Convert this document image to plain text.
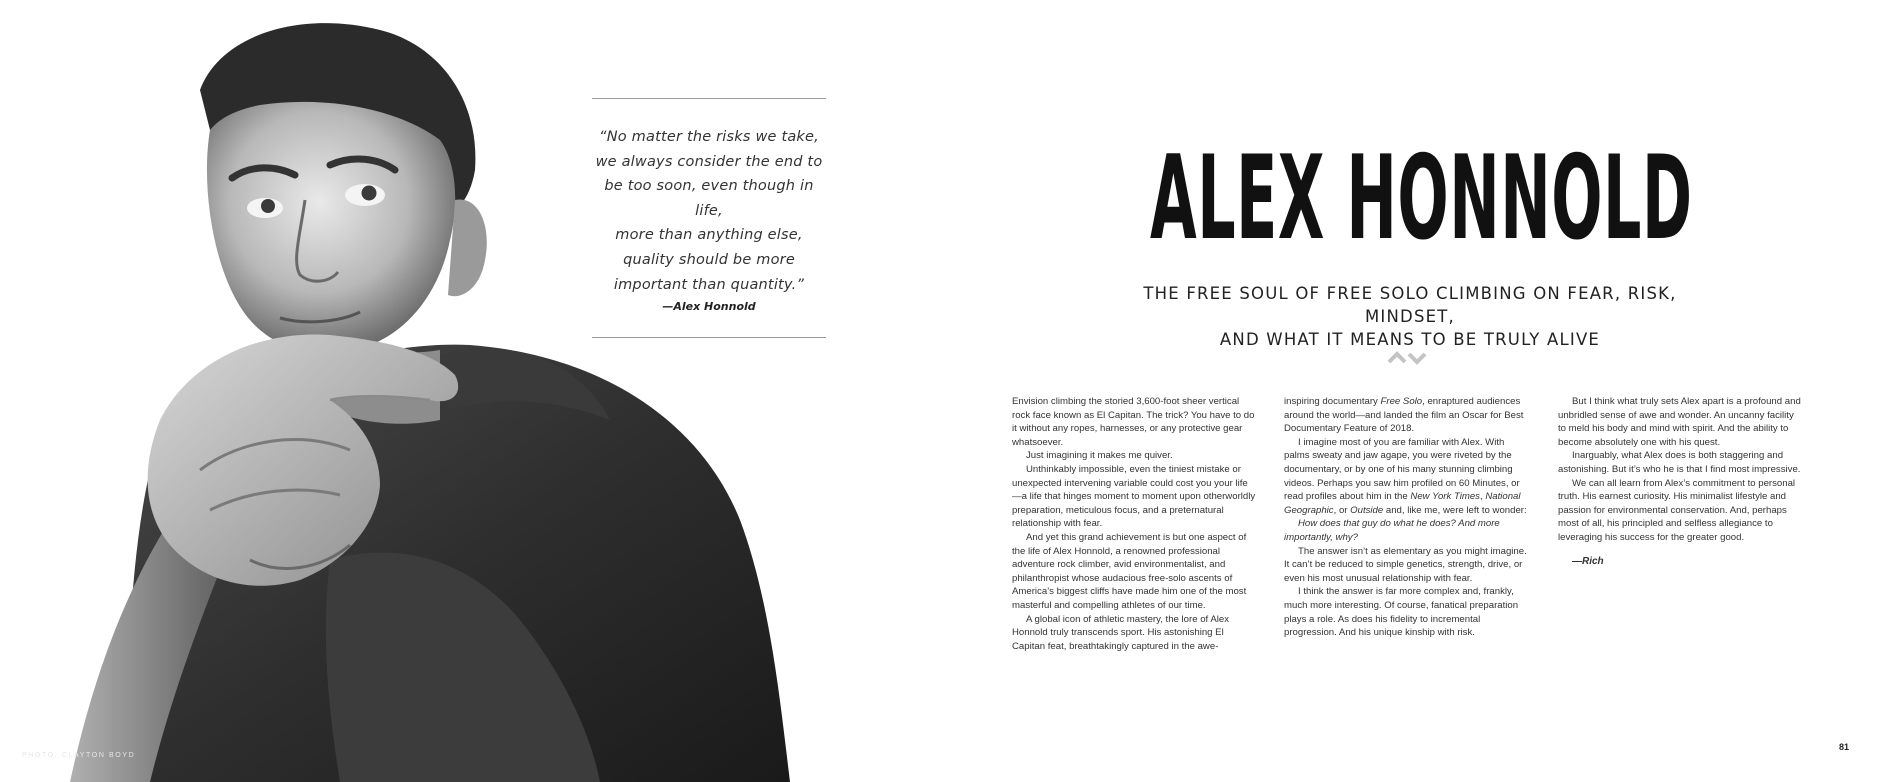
PHOTO: CLAYTON BOYD
“No matter the risks we take,
we always consider the end to
be too soon, even though in life,
more than anything else,
quality should be more
important than quantity.”
—Alex Honnold
ALEX HONNOLD
THE FREE SOUL OF FREE SOLO CLIMBING ON FEAR, RISK, MINDSET,
AND WHAT IT MEANS TO BE TRULY ALIVE

Envision climbing the storied 3,600-foot sheer vertical rock face known as El Capitan. The trick? You have to do it without any ropes, harnesses, or any protective gear whatsoever.

Just imagining it makes me quiver.

Unthinkably impossible, even the tiniest mistake or unexpected intervening variable could cost you your life—a life that hinges moment to moment upon otherworldly preparation, meticulous focus, and a preternatural relationship with fear.

And yet this grand achievement is but one aspect of the life of Alex Honnold, a renowned professional adventure rock climber, avid environmentalist, and philanthropist whose audacious free-solo ascents of America’s biggest cliffs have made him one of the most masterful and compelling athletes of our time.

A global icon of athletic mastery, the lore of Alex Honnold truly transcends sport. His astonishing El Capitan feat, breathtakingly captured in the awe-

inspiring documentary Free Solo, enraptured audiences around the world—and landed the film an Oscar for Best Documentary Feature of 2018.

I imagine most of you are familiar with Alex. With palms sweaty and jaw agape, you were riveted by the documentary, or by one of his many stunning climbing videos. Perhaps you saw him profiled on 60 Minutes, or read profiles about him in the New York Times, National Geographic, or Outside and, like me, were left to wonder:

How does that guy do what he does? And more importantly, why?

The answer isn’t as elementary as you might imagine. It can’t be reduced to simple genetics, strength, drive, or even his most unusual relationship with fear.

I think the answer is far more complex and, frankly, much more interesting. Of course, fanatical preparation plays a role. As does his fidelity to incremental progression. And his unique kinship with risk.

But I think what truly sets Alex apart is a profound and unbridled sense of awe and wonder. An uncanny facility to meld his body and mind with spirit. And the ability to become absolutely one with his quest.

Inarguably, what Alex does is both staggering and astonishing. But it’s who he is that I find most impressive.

We can all learn from Alex’s commitment to personal truth. His earnest curiosity. His minimalist lifestyle and passion for environmental conservation. And, perhaps most of all, his principled and selfless allegiance to leveraging his success for the greater good.

—Rich
81
